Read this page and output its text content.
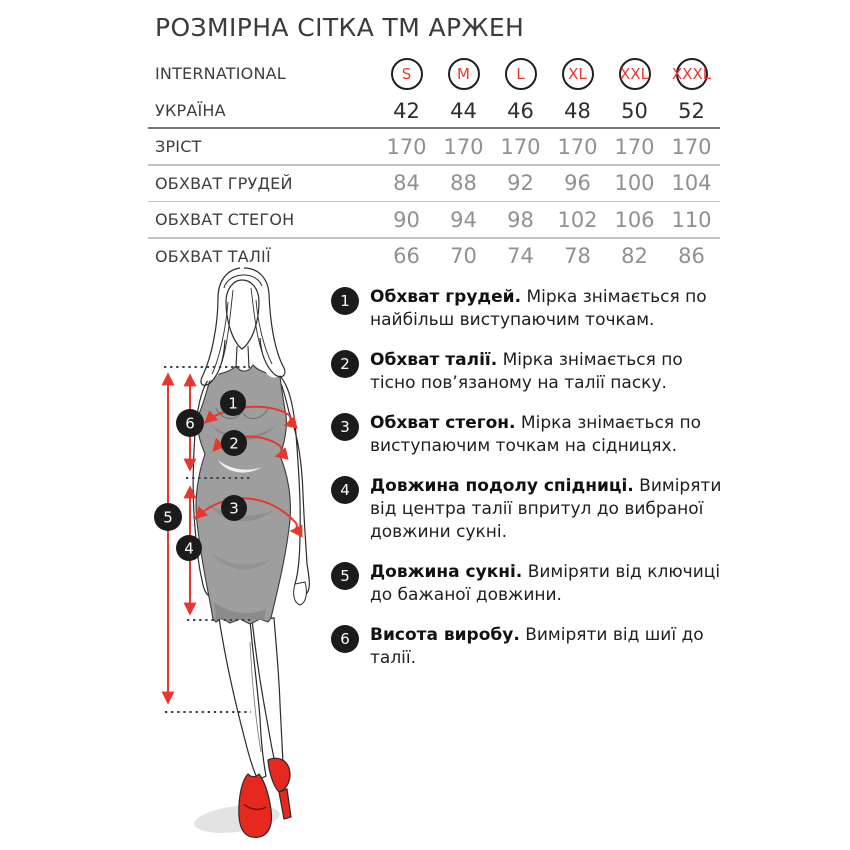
РОЗМІРНА СІТКА ТМ АРЖЕН
INTERNATIONAL	S	M	L	XL	XXL	XXXL
УКРАЇНА	42	44	46	48	50	52
ЗРІСТ	170 170 170 170 170 170
ОБХВАТ ГРУДЕЙ	84	88	92	96	100 104
ОБХВАТ СТЕГОН	90	94	98	102 106 110
ОБХВАТ ТАЛІЇ	66	70	74	78	82	86
1
2
3
4
5
6
1	Обхват грудей. Мірка знімається по найбільш виступаючим точкам.

2	Обхват талії. Мірка знімається по тісно пов’язаному на талії паску.

3	Обхват стегон. Мірка знімається по виступаючим точкам на сідницях.

4	Довжина подолу спідниці. Виміряти від центра талії впритул до вибраної довжини сукні.

5	Довжина сукні. Виміряти від ключиці до бажаної довжини.

6	Висота виробу. Виміряти від шиї до талії.
